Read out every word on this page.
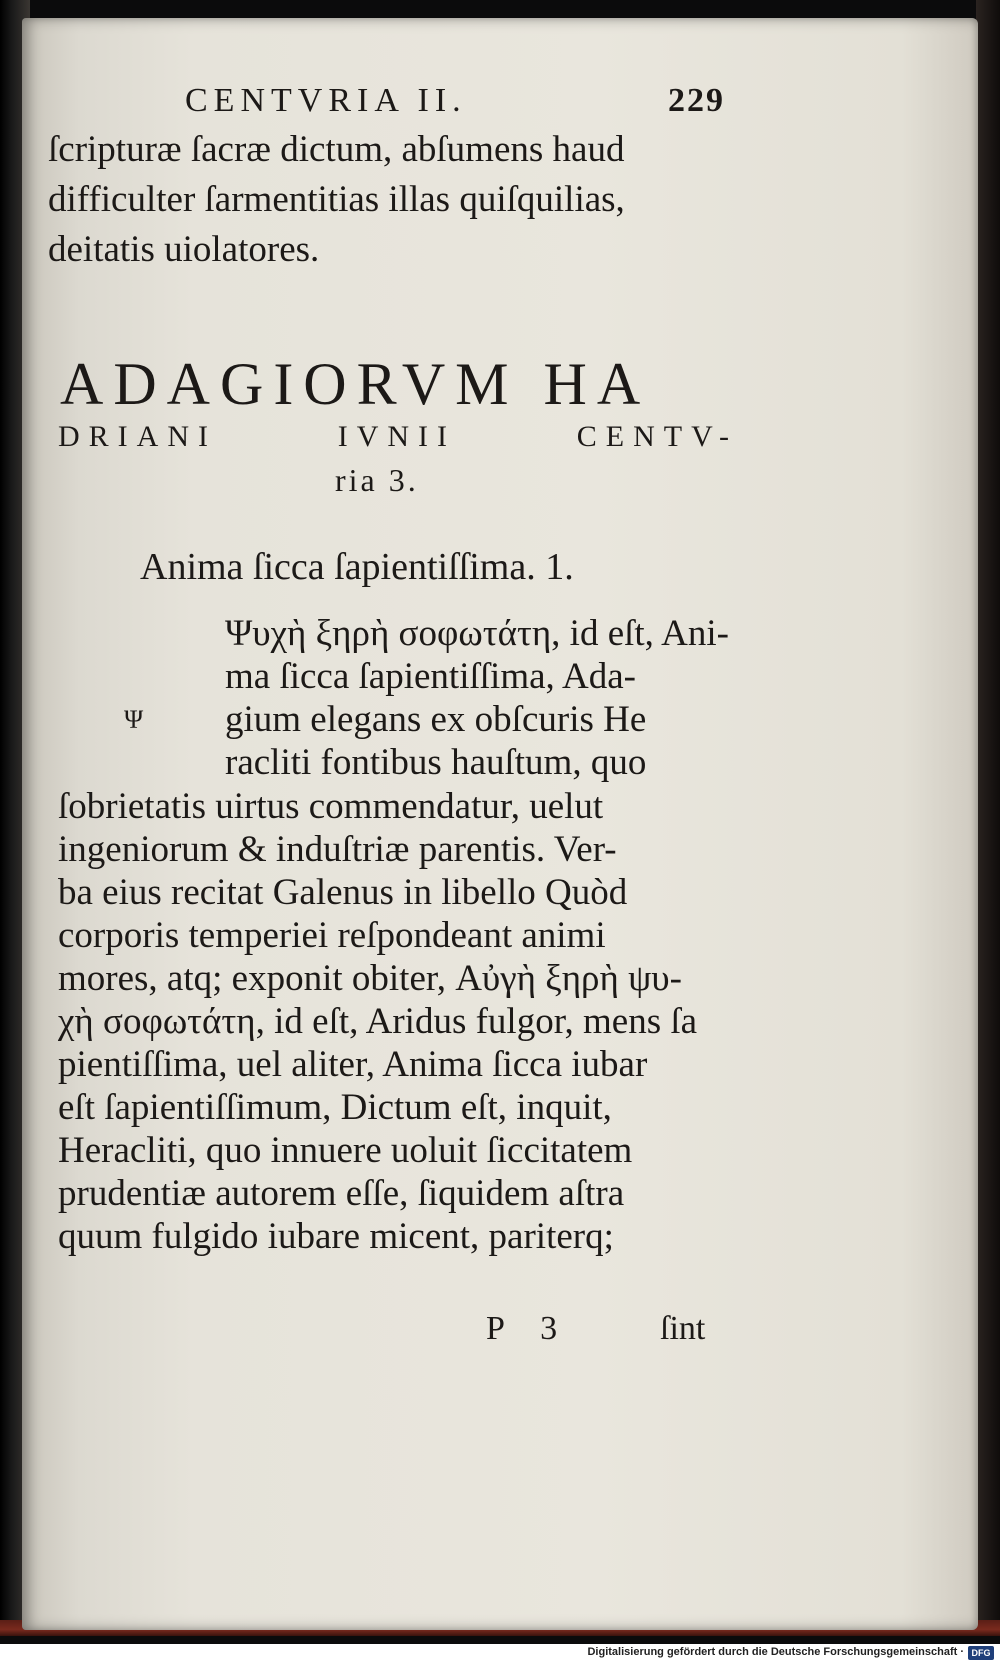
CENTVRIA II.	229
ſcripturæ ſacræ dictum, abſumens haud
difficulter ſarmentitias illas quiſquilias,
deitatis uiolatores.
ADAGIORVM HA
DRIANI	IVNII	CENTV-
ria 3.
Anima ſicca ſapientiſſima. 1.
Ψ
Ψυχὴ ξηρὴ σοφωτάτη, id eſt, Ani-
ma ſicca ſapientiſſima, Ada-
gium elegans ex obſcuris He
racliti fontibus hauſtum, quo
ſobrietatis uirtus commendatur, uelut
ingeniorum & induſtriæ parentis. Ver-
ba eius recitat Galenus in libello Quòd
corporis temperiei reſpondeant animi
mores, atq; exponit obiter, Αὐγὴ ξηρὴ ψυ-
χὴ σοφωτάτη, id eſt, Aridus fulgor, mens ſa
pientiſſima, uel aliter, Anima ſicca iubar
eſt ſapientiſſimum, Dictum eſt, inquit,
Heracliti, quo innuere uoluit ſiccitatem
prudentiæ autorem eſſe, ſiquidem aſtra
quum fulgido iubare micent, pariterq;
P 3	ſint
Digitalisierung gefördert durch die Deutsche Forschungsgemeinschaft · DFG
